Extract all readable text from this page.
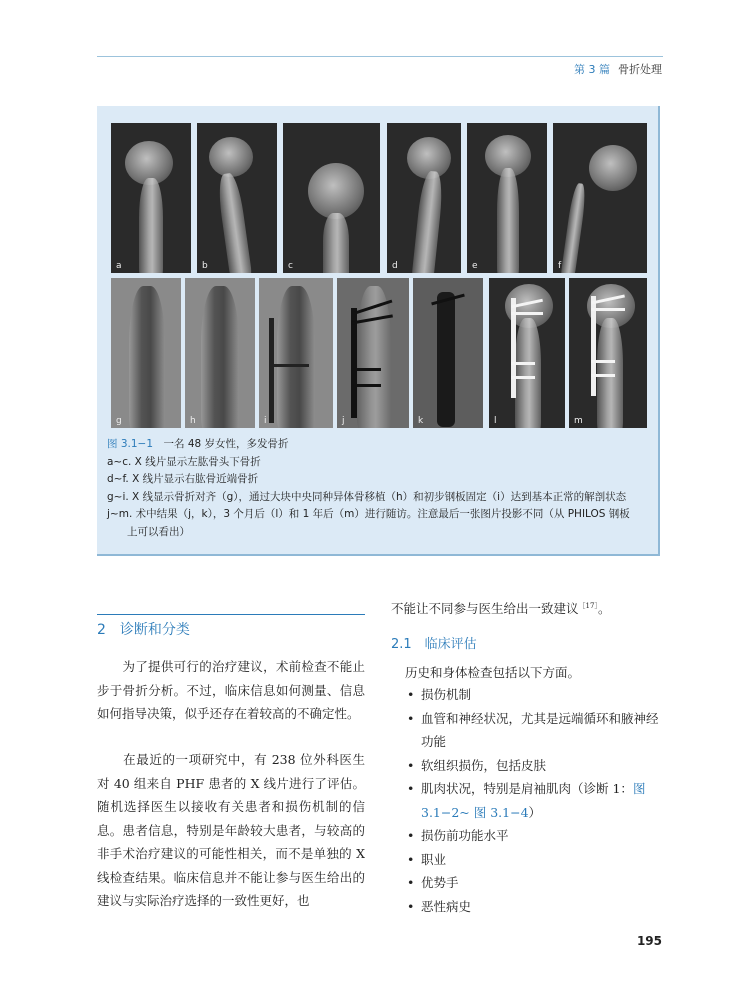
第 3 篇 骨折处理
a	b	c	d	e	f
g	h	i	j	k	l	m
图 3.1−1　 一名 48 岁女性，多发骨折
a~c. X 线片显示左肱骨头下骨折
d~f. X 线片显示右肱骨近端骨折
g~i. X 线显示骨折对齐（g），通过大块中央同种异体骨移植（h）和初步钢板固定（i）达到基本正常的解剖状态
j~m. 术中结果（j，k），3 个月后（l）和 1 年后（m）进行随访。注意最后一张图片投影不同（从 PHILOS 钢板
上可以看出）
2　诊断和分类
　　为了提供可行的治疗建议，术前检查不能止步于骨折分析。不过，临床信息如何测量、信息如何指导决策，似乎还存在着较高的不确定性。
　　在最近的一项研究中，有 238 位外科医生对 40 组来自 PHF 患者的 X 线片进行了评估。随机选择医生以接收有关患者和损伤机制的信息。患者信息，特别是年龄较大患者，与较高的非手术治疗建议的可能性相关，而不是单独的 X 线检查结果。临床信息并不能让参与医生给出的建议与实际治疗选择的一致性更好，也
不能让不同参与医生给出一致建议$^{[17]}$。
2.1　临床评估
历史和身体检查包括以下方面。
• 损伤机制
• 血管和神经状况，尤其是远端循环和腋神经功能
• 软组织损伤，包括皮肤
• 肌肉状况，特别是肩袖肌肉（诊断 1：图 3.1−2~ 图 3.1−4）
• 损伤前功能水平
• 职业
• 优势手
• 恶性病史
195
